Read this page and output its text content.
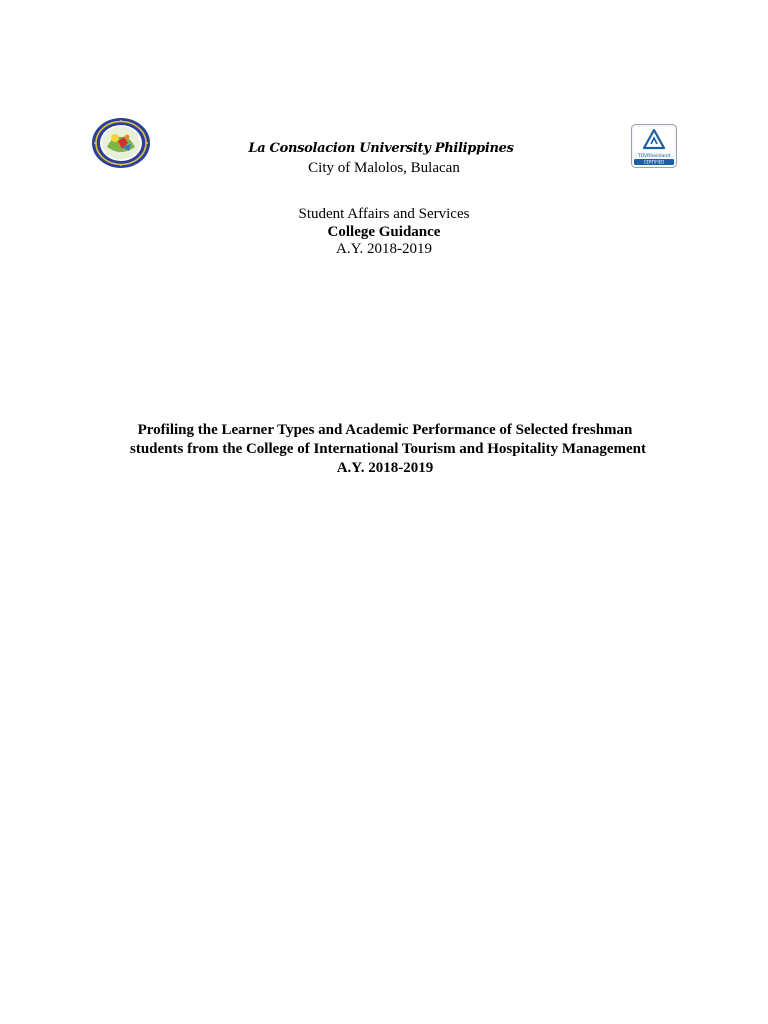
TÜVRheinland
CERTIFIED
La Consolacion University Philippines
City of Malolos, Bulacan
Student Affairs and Services
College Guidance
A.Y. 2018-2019
Profiling the Learner Types and Academic Performance of Selected freshman
students from the College of International Tourism and Hospitality Management
A.Y. 2018-2019
